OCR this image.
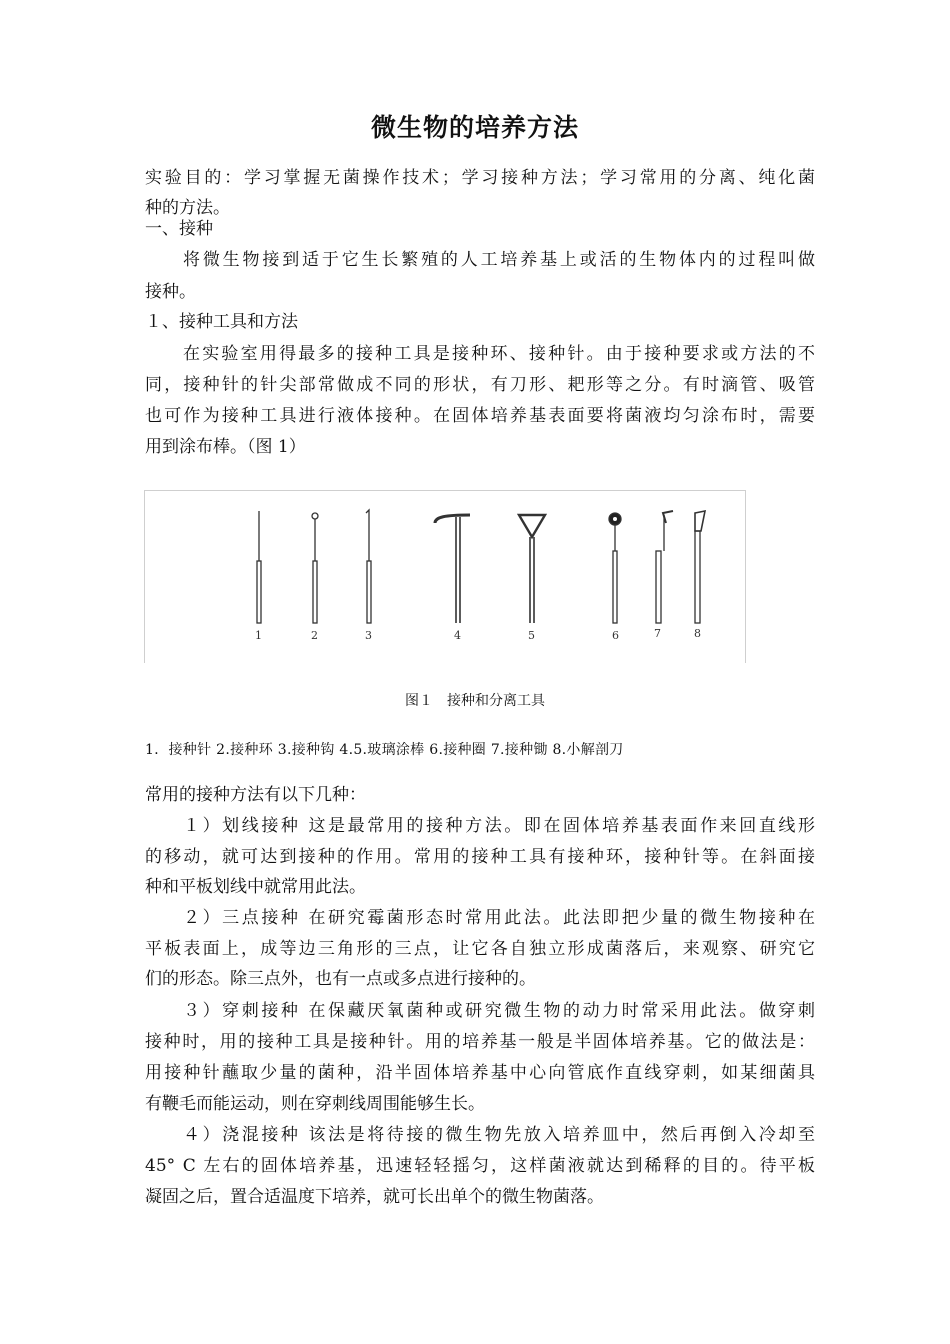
微生物的培养方法
实验目的：学习掌握无菌操作技术；学习接种方法；学习常用的分离、纯化菌
种的方法。
一、接种
将微生物接到适于它生长繁殖的人工培养基上或活的生物体内的过程叫做
接种。
１、接种工具和方法
在实验室用得最多的接种工具是接种环、接种针。由于接种要求或方法的不
同，接种针的针尖部常做成不同的形状，有刀形、耙形等之分。有时滴管、吸管
也可作为接种工具进行液体接种。在固体培养基表面要将菌液均匀涂布时，需要
用到涂布棒。（图 1）
1	2	3	4	5	6	7	8
图１　接种和分离工具
1．接种针 2.接种环 3.接种钩 4.5.玻璃涂棒 6.接种圈 7.接种锄 8.小解剖刀
常用的接种方法有以下几种：
１）划线接种 这是最常用的接种方法。即在固体培养基表面作来回直线形
的移动，就可达到接种的作用。常用的接种工具有接种环，接种针等。在斜面接
种和平板划线中就常用此法。
２）三点接种 在研究霉菌形态时常用此法。此法即把少量的微生物接种在
平板表面上，成等边三角形的三点，让它各自独立形成菌落后，来观察、研究它
们的形态。除三点外，也有一点或多点进行接种的。
３）穿刺接种 在保藏厌氧菌种或研究微生物的动力时常采用此法。做穿刺
接种时，用的接种工具是接种针。用的培养基一般是半固体培养基。它的做法是：
用接种针蘸取少量的菌种，沿半固体培养基中心向管底作直线穿刺，如某细菌具
有鞭毛而能运动，则在穿刺线周围能够生长。
４）浇混接种 该法是将待接的微生物先放入培养皿中，然后再倒入冷却至
45° C 左右的固体培养基，迅速轻轻摇匀，这样菌液就达到稀释的目的。待平板
凝固之后，置合适温度下培养，就可长出单个的微生物菌落。
